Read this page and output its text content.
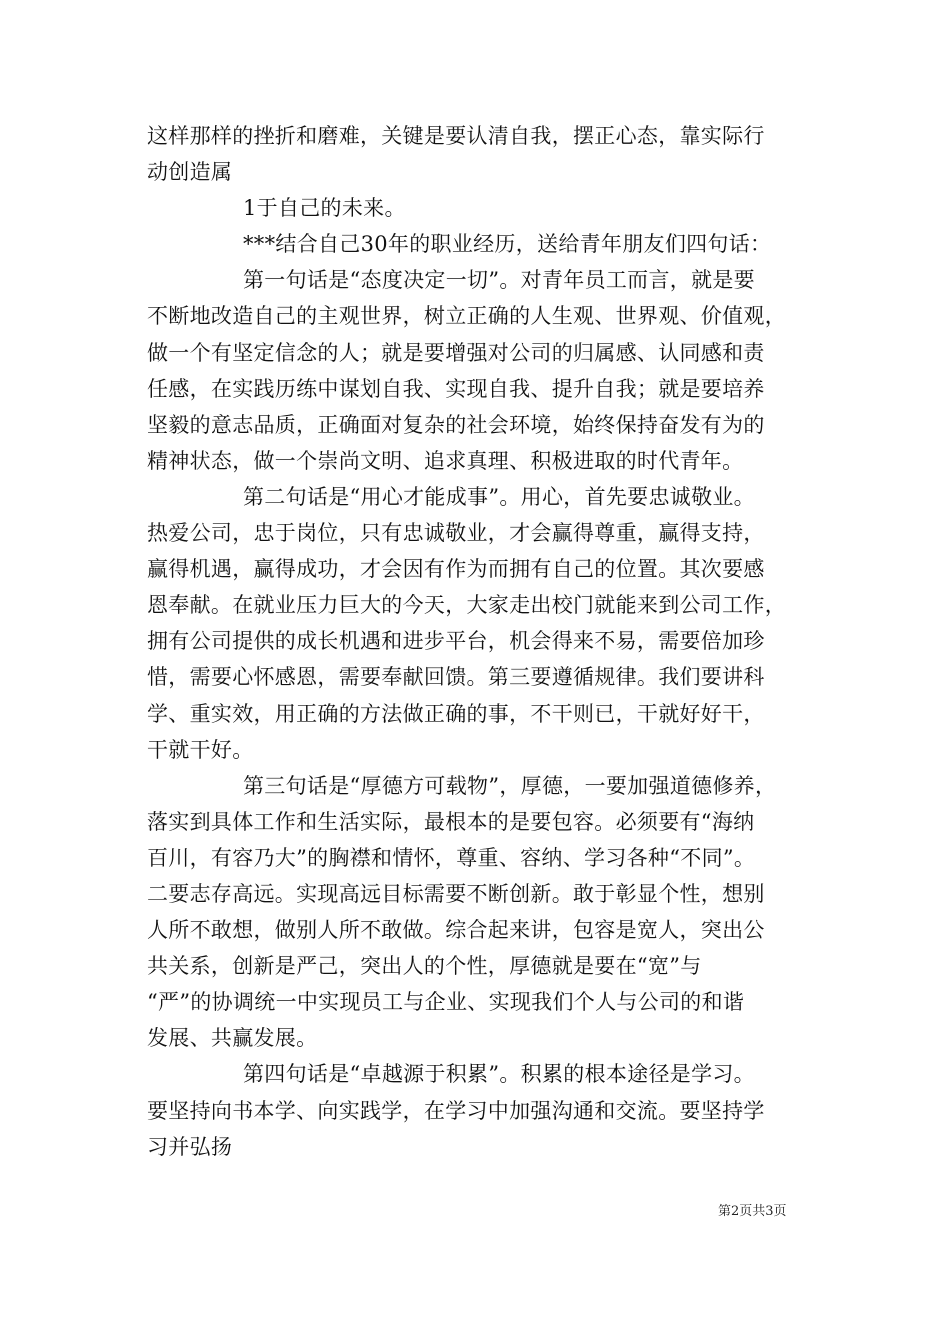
这样那样的挫折和磨难，关键是要认清自我，摆正心态，靠实际行
动创造属
1于自己的未来。
***结合自己30年的职业经历，送给青年朋友们四句话：
第一句话是“态度决定一切”。对青年员工而言，就是要
不断地改造自己的主观世界，树立正确的人生观、世界观、价值观，
做一个有坚定信念的人；就是要增强对公司的归属感、认同感和责
任感，在实践历练中谋划自我、实现自我、提升自我；就是要培养
坚毅的意志品质，正确面对复杂的社会环境，始终保持奋发有为的
精神状态，做一个崇尚文明、追求真理、积极进取的时代青年。
第二句话是“用心才能成事”。用心，首先要忠诚敬业。
热爱公司，忠于岗位，只有忠诚敬业，才会赢得尊重，赢得支持，
赢得机遇，赢得成功，才会因有作为而拥有自己的位置。其次要感
恩奉献。在就业压力巨大的今天，大家走出校门就能来到公司工作，
拥有公司提供的成长机遇和进步平台，机会得来不易，需要倍加珍
惜，需要心怀感恩，需要奉献回馈。第三要遵循规律。我们要讲科
学、重实效，用正确的方法做正确的事，不干则已，干就好好干，
干就干好。
第三句话是“厚德方可载物”，厚德，一要加强道德修养，
落实到具体工作和生活实际，最根本的是要包容。必须要有“海纳
百川，有容乃大”的胸襟和情怀，尊重、容纳、学习各种“不同”。
二要志存高远。实现高远目标需要不断创新。敢于彰显个性，想别
人所不敢想，做别人所不敢做。综合起来讲，包容是宽人，突出公
共关系，创新是严己，突出人的个性，厚德就是要在“宽”与
“严”的协调统一中实现员工与企业、实现我们个人与公司的和谐
发展、共赢发展。
第四句话是“卓越源于积累”。积累的根本途径是学习。
要坚持向书本学、向实践学，在学习中加强沟通和交流。要坚持学
习并弘扬
第2页共3页
